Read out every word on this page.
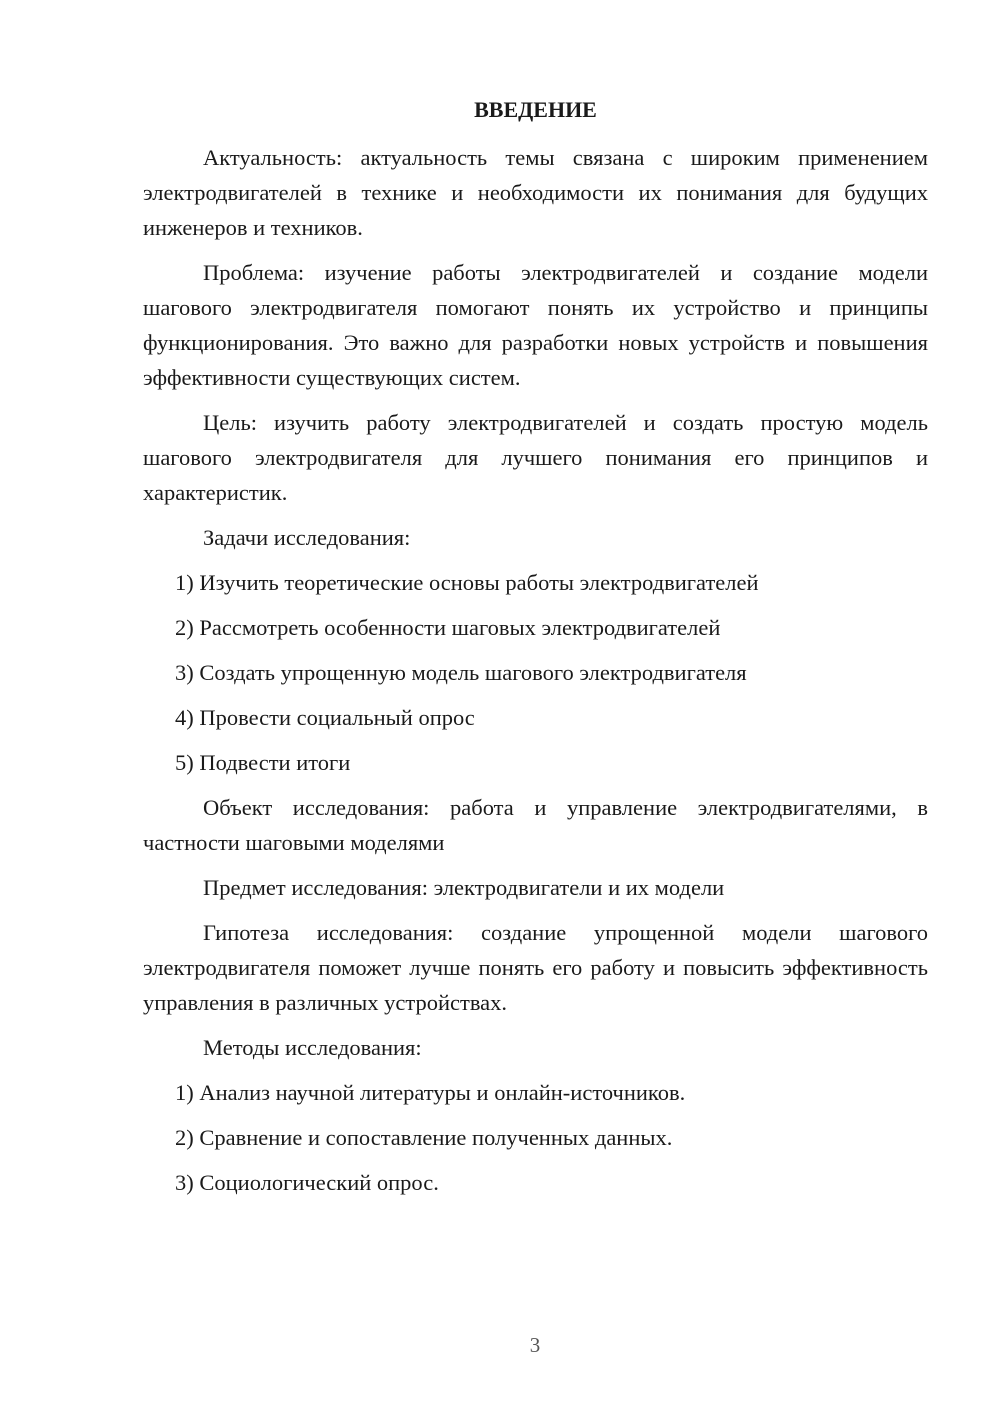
ВВЕДЕНИЕ
Актуальность: актуальность темы связана с широким применением электродвигателей в технике и необходимости их понимания для будущих инженеров и техников.
Проблема: изучение работы электродвигателей и создание модели шагового электродвигателя помогают понять их устройство и принципы функционирования. Это важно для разработки новых устройств и повышения эффективности существующих систем.
Цель: изучить работу электродвигателей и создать простую модель шагового электродвигателя для лучшего понимания его принципов и характеристик.
Задачи исследования:
1) Изучить теоретические основы работы электродвигателей
2) Рассмотреть особенности шаговых электродвигателей
3) Создать упрощенную модель шагового электродвигателя
4) Провести социальный опрос
5) Подвести итоги
Объект исследования: работа и управление электродвигателями, в частности шаговыми моделями
Предмет исследования: электродвигатели и их модели
Гипотеза исследования: создание упрощенной модели шагового электродвигателя поможет лучше понять его работу и повысить эффективность управления в различных устройствах.
Методы исследования:
1) Анализ научной литературы и онлайн-источников.
2) Сравнение и сопоставление полученных данных.
3) Социологический опрос.
3
